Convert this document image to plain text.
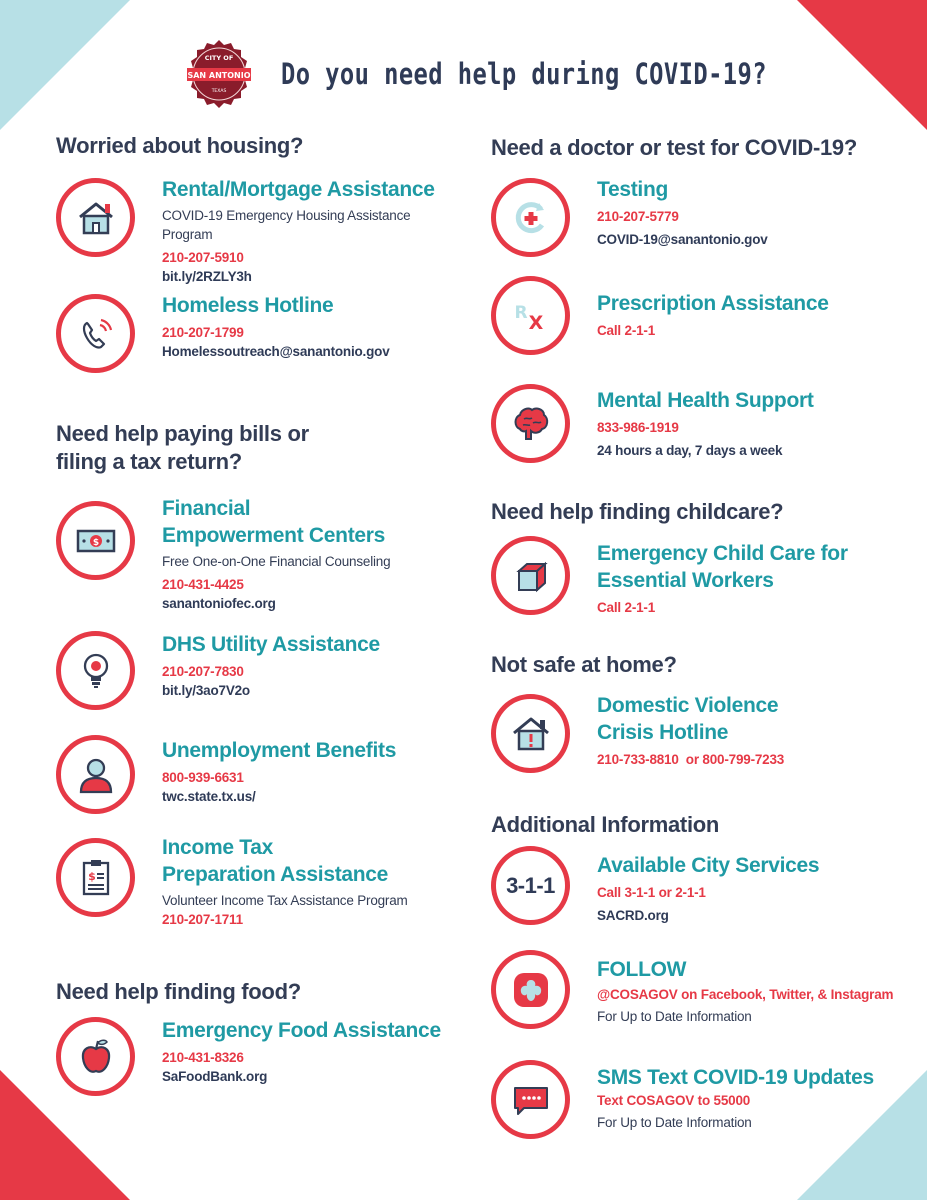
CITY OF
SAN ANTONIO
TEXAS
Do you need help during COVID-19?
Worried about housing?
Rental/Mortgage Assistance
COVID-19 Emergency Housing Assistance Program
210-207-5910
bit.ly/2RZLY3h
Homeless Hotline
210-207-1799
Homelessoutreach@sanantonio.gov
Need help paying bills or
filing a tax return?
$
Financial
Empowerment Centers
Free One-on-One Financial Counseling
210-431-4425
sanantoniofec.org
DHS Utility Assistance
210-207-7830
bit.ly/3ao7V2o
Unemployment Benefits
800-939-6631
twc.state.tx.us/
$
Income Tax
Preparation Assistance
Volunteer Income Tax Assistance Program
210-207-1711
Need help finding food?
Emergency Food Assistance
210-431-8326
SaFoodBank.org
Need a doctor or test for COVID-19?
Testing
210-207-5779
COVID-19@sanantonio.gov
R X
Prescription Assistance
Call 2-1-1
Mental Health Support
833-986-1919
24 hours a day, 7 days a week
Need help finding childcare?
Emergency Child Care for
Essential Workers
Call 2-1-1
Not safe at home?
Domestic Violence
Crisis Hotline
210-733-8810  or 800-799-7233
Additional Information
3-1-1
Available City Services
Call 3-1-1 or 2-1-1
SACRD.org
FOLLOW
@COSAGOV on Facebook, Twitter, & Instagram
For Up to Date Information
SMS Text COVID-19 Updates
Text COSAGOV to 55000
For Up to Date Information
